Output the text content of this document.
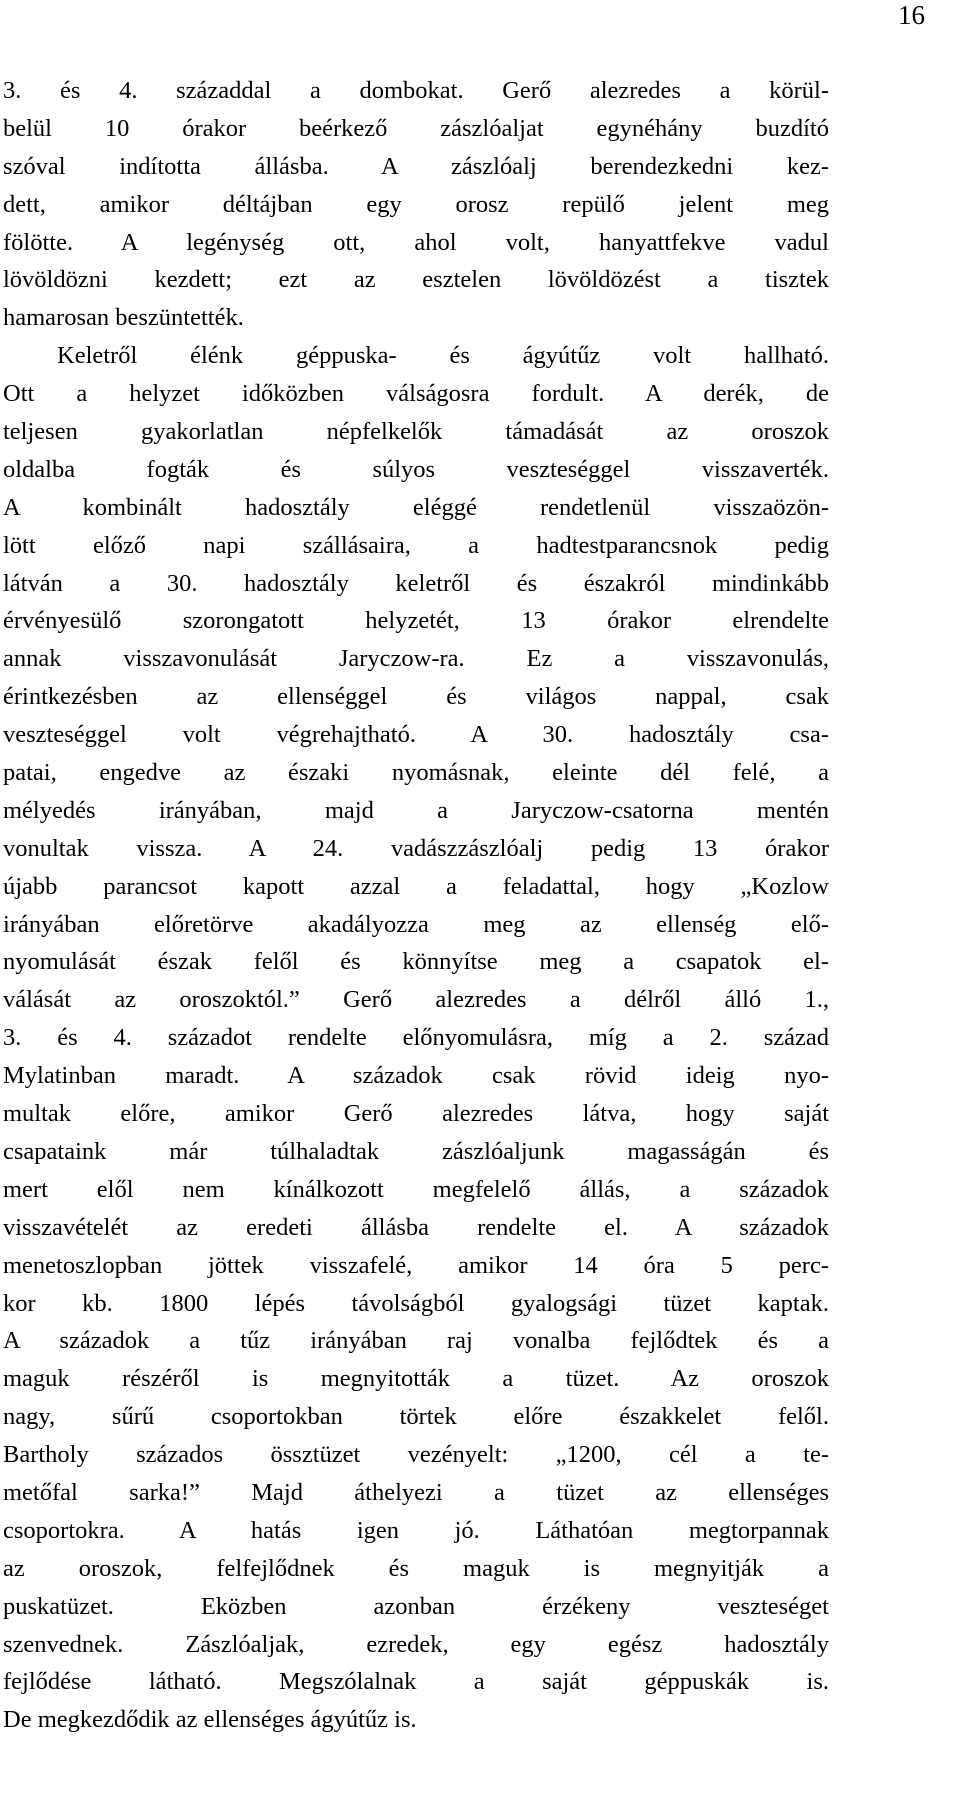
16
3. és 4. századdal a dombokat. Gerő alezredes a körül-
belül 10 órakor beérkező zászlóaljat egynéhány buzdító
szóval indította állásba. A zászlóalj berendezkedni kez-
dett, amikor déltájban egy orosz repülő jelent meg
fölötte. A legénység ott, ahol volt, hanyattfekve vadul
lövöldözni kezdett; ezt az esztelen lövöldözést a tisztek
hamarosan beszüntették.
Keletről élénk géppuska- és ágyútűz volt hallható.
Ott a helyzet időközben válságosra fordult. A derék, de
teljesen gyakorlatlan népfelkelők támadását az oroszok
oldalba fogták és súlyos veszteséggel visszaverték.
A kombinált hadosztály eléggé rendetlenül visszaözön-
lött előző napi szállásaira, a hadtestparancsnok pedig
látván a 30. hadosztály keletről és északról mindinkább
érvényesülő szorongatott helyzetét, 13 órakor elrendelte
annak visszavonulását Jaryczow-ra. Ez a visszavonulás,
érintkezésben az ellenséggel és világos nappal, csak
veszteséggel volt végrehajtható. A 30. hadosztály csa-
patai, engedve az északi nyomásnak, eleinte dél felé, a
mélyedés irányában, majd a Jaryczow-csatorna mentén
vonultak vissza. A 24. vadászzászlóalj pedig 13 órakor
újabb parancsot kapott azzal a feladattal, hogy „Kozlow
irányában előretörve akadályozza meg az ellenség elő-
nyomulását észak felől és könnyítse meg a csapatok el-
válását az oroszoktól.” Gerő alezredes a délről álló 1.,
3. és 4. századot rendelte előnyomulásra, míg a 2. század
Mylatinban maradt. A századok csak rövid ideig nyo-
multak előre, amikor Gerő alezredes látva, hogy saját
csapataink már túlhaladtak zászlóaljunk magasságán és
mert elől nem kínálkozott megfelelő állás, a századok
visszavételét az eredeti állásba rendelte el. A századok
menetoszlopban jöttek visszafelé, amikor 14 óra 5 perc-
kor kb. 1800 lépés távolságból gyalogsági tüzet kaptak.
A századok a tűz irányában raj vonalba fejlődtek és a
maguk részéről is megnyitották a tüzet. Az oroszok
nagy, sűrű csoportokban törtek előre északkelet felől.
Bartholy százados össztüzet vezényelt: „1200, cél a te-
metőfal sarka!” Majd áthelyezi a tüzet az ellenséges
csoportokra. A hatás igen jó. Láthatóan megtorpannak
az oroszok, felfejlődnek és maguk is megnyitják a
puskatüzet. Eközben azonban érzékeny veszteséget
szenvednek. Zászlóaljak, ezredek, egy egész hadosztály
fejlődése látható. Megszólalnak a saját géppuskák is.
De megkezdődik az ellenséges ágyútűz is.
